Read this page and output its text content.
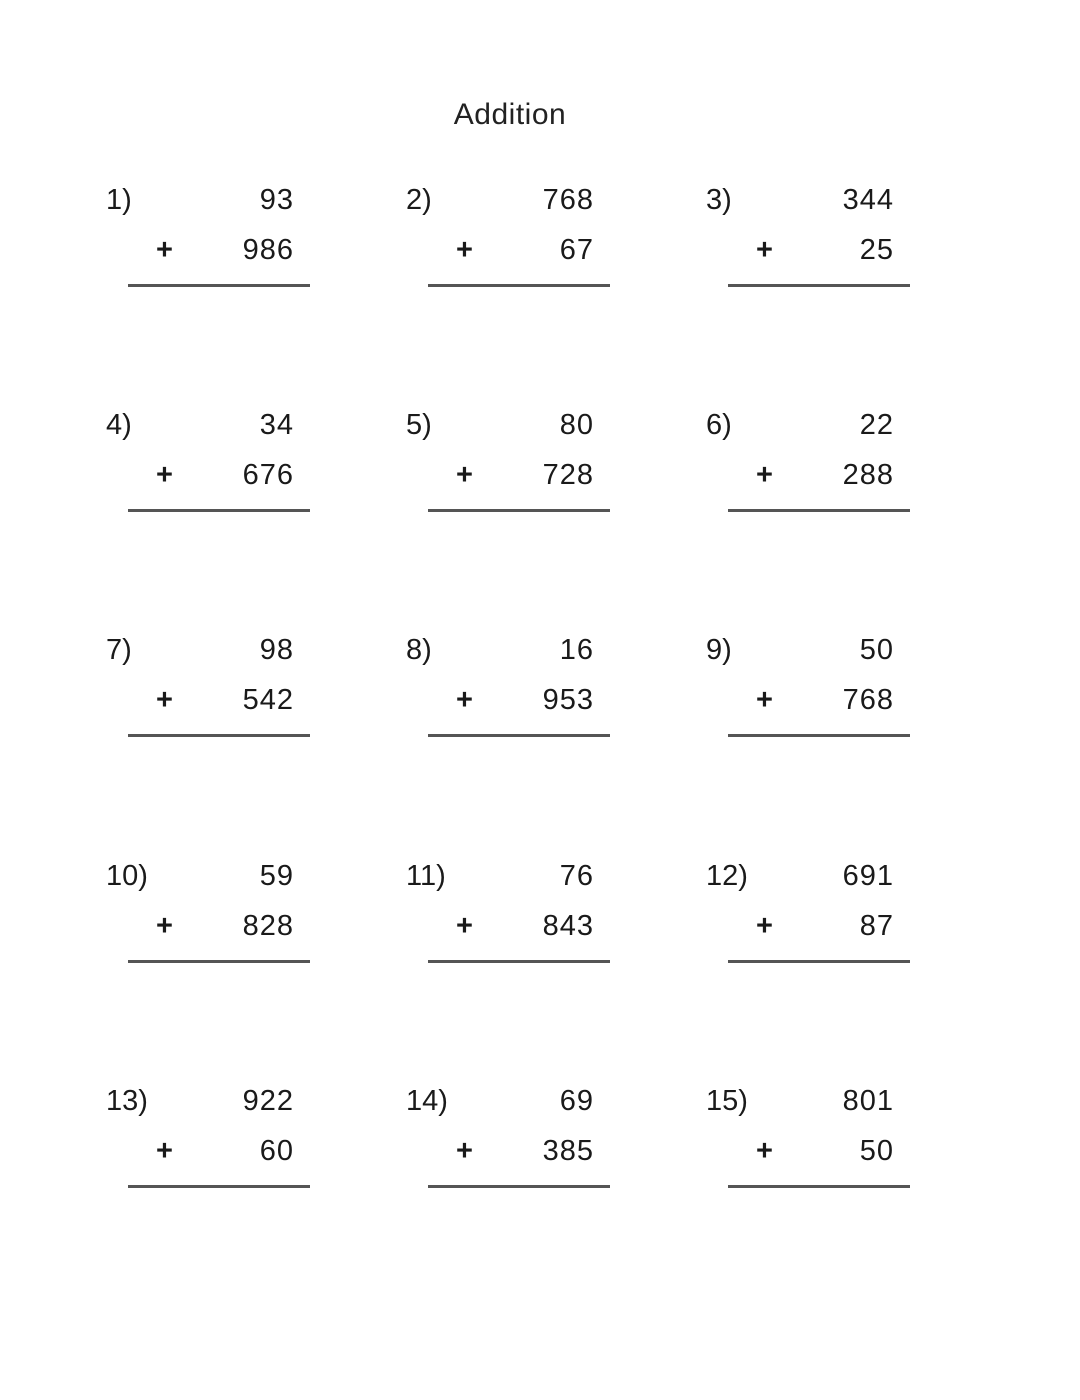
Addition
1)	93
+ 986
2)	768
+	67
3)	344
+	25
4)	34
+ 676
5)	80
+ 728
6)	22
+ 288
7)	98
+ 542
8)	16
+ 953
9)	50
+ 768
10)	59
+ 828
11)	76
+ 843
12)	691
+	87
13)	922
+	60
14)	69
+ 385
15)	801
+	50
